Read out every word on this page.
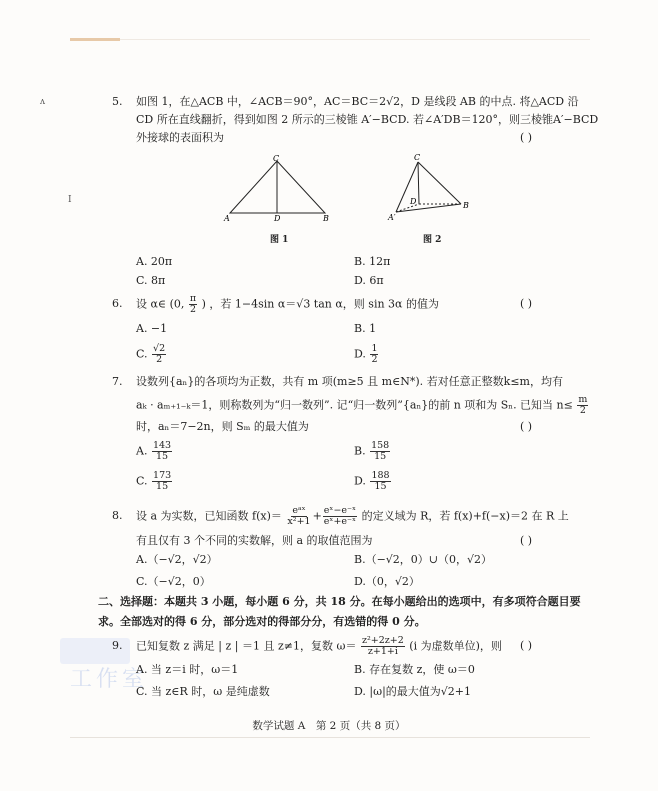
ʌ
I
5. 如图 1，在△ACB 中，∠ACB＝90°，AC＝BC＝2√2，D 是线段 AB 的中点. 将△ACD 沿
CD 所在直线翻折，得到如图 2 所示的三棱锥 A′−BCD. 若∠A′DB＝120°，则三棱锥A′−BCD
外接球的表面积为	( )
C
A	D	B
图 1
C
A′
D	B
图 2
A. 20π	B. 12π
C. 8π	D. 6π
6. 设 α∈ (0, $\frac{\pi}{2}$ ) ，若 1−4sin α＝√3 tan α，则 sin 3α 的值为	( )
A. −1	B. 1
C. $\frac{√2}{2}$	D. $\frac{1}{2}$
7. 设数列{aₙ}的各项均为正数，共有 m 项(m≥5 且 m∈N*). 若对任意正整数k≤m，均有
aₖ · aₘ₊₁₋ₖ＝1，则称数列为“归一数列”. 记“归一数列”{aₙ}的前 n 项和为 Sₙ. 已知当 $n\le \frac{m}{2}$
时，aₙ＝7−2n，则 Sₘ 的最大值为	( )
A. $\frac{143}{15}$	B. $\frac{158}{15}$
C. $\frac{173}{15}$	D. $\frac{188}{15}$
8. 设 a 为实数，已知函数 $f(x)= \frac{\text{eᵃˣ}}{\text{x²+1}} + \frac{\text{eˣ−e⁻ˣ}}{\text{eˣ+e⁻ˣ}}$ 的定义域为 R，若 f(x)+f(−x)＝2 在 R 上
有且仅有 3 个不同的实数解，则 a 的取值范围为	( )
A.（−√2，√2）	B.（−√2，0）∪（0，√2）
C.（−√2，0）	D.（0，√2）
二、选择题：本题共 3 小题，每小题 6 分，共 18 分。在每小题给出的选项中，有多项符合题目要
求。全部选对的得 6 分，部分选对的得部分分，有选错的得 0 分。
工作室
9. 已知复数 z 满足 | z | ＝1 且 z≠1，复数 $\omega= \frac{\text{z²+2z+2}}{z+1+i} (i$ 为虚数单位)，则 ( )
A. 当 z＝i 时，ω＝1	B. 存在复数 z，使 ω＝0
C. 当 z∈R 时，ω 是纯虚数	D. |ω|的最大值为√2+1
数学试题 A　第 2 页（共 8 页）
